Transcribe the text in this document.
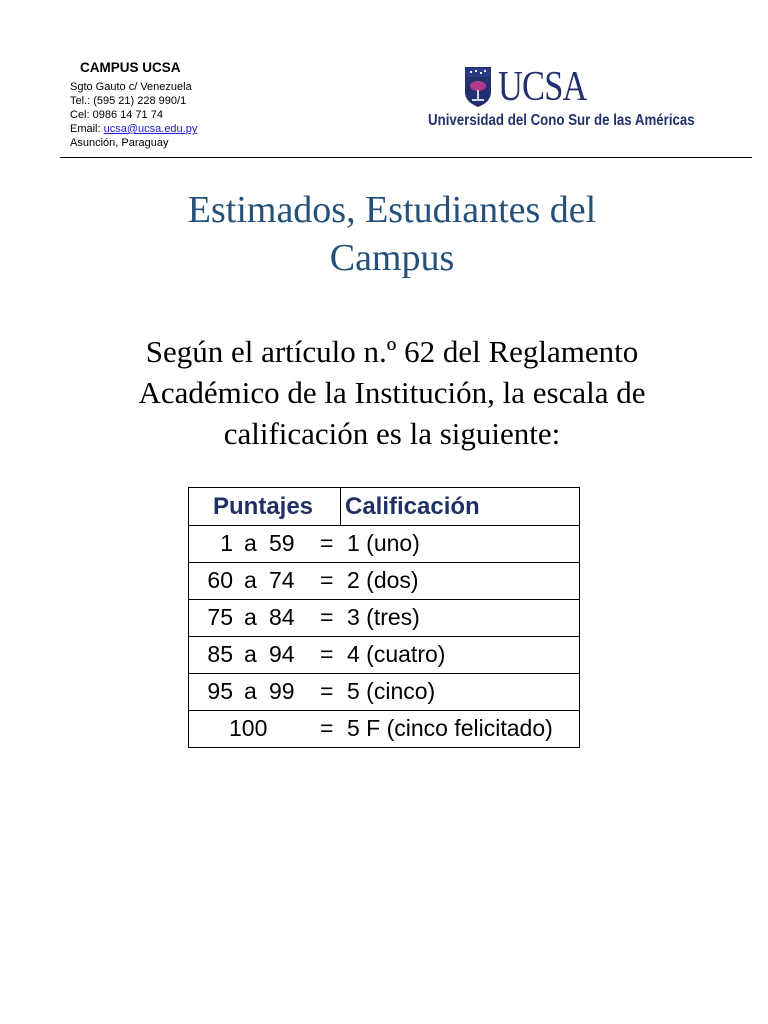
CAMPUS UCSA
Sgto Gauto c/ Venezuela
Tel.: (595 21) 228 990/1
Cel: 0986 14 71 74
Email: ucsa@ucsa.edu.py
Asunción, Paraguay
UCSA
Universidad del Cono Sur de las Américas
Estimados, Estudiantes del
Campus

Según el artículo n.º 62 del Reglamento
Académico de la Institución, la escala de
calificación es la siguiente:

Puntajes	Calificación

1 a 59 = 1 (uno)

60 a 74 = 2 (dos)

75 a 84 = 3 (tres)

85 a 94 = 4 (cuatro)

95 a 99 = 5 (cinco)

100 = 5 F (cinco felicitado)
